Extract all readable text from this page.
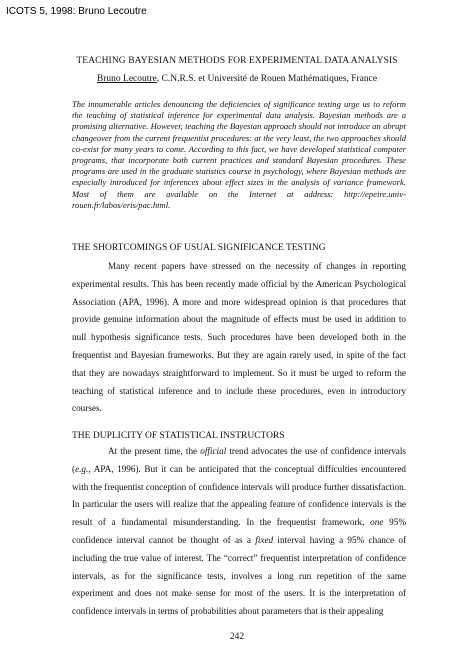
ICOTS 5, 1998: Bruno Lecoutre
TEACHING BAYESIAN METHODS FOR EXPERIMENTAL DATA ANALYSIS
Bruno Lecoutre, C.N.R.S. et Université de Rouen Mathématiques, France
The innumerable articles denouncing the deficiencies of significance testing urge us to reform the teaching of statistical inference for experimental data analysis. Bayesian methods are a promising alternative. However, teaching the Bayesian approach should not introduce an abrupt changeover from the current frequentist procedures: at the very least, the two approaches should co-exist for many years to come. According to this fact, we have developed statistical computer programs, that incorporate both current practices and standard Bayesian procedures. These programs are used in the graduate statistics course in psychology, where Bayesian methods are especially introduced for inferences about effect sizes in the analysis of variance framework. Most of them are available on the Internet at address: http://epeire.univ-rouen.fr/labos/eris/pac.html.
THE SHORTCOMINGS OF USUAL SIGNIFICANCE TESTING
Many recent papers have stressed on the necessity of changes in reporting experimental results. This has been recently made official by the American Psychological Association (APA, 1996). A more and more widespread opinion is that procedures that provide genuine information about the magnitude of effects must be used in addition to null hypothesis significance tests. Such procedures have been developed both in the frequentist and Bayesian frameworks. But they are again rarely used, in spite of the fact that they are nowadays straightforward to implement. So it must be urged to reform the teaching of statistical inference and to include these procedures, even in introductory courses.
THE DUPLICITY OF STATISTICAL INSTRUCTORS
At the present time, the official trend advocates the use of confidence intervals (e.g., APA, 1996). But it can be anticipated that the conceptual difficulties encountered with the frequentist conception of confidence intervals will produce further dissatisfaction. In particular the users will realize that the appealing feature of confidence intervals is the result of a fundamental misunderstanding. In the frequentist framework, one 95% confidence interval cannot be thought of as a fixed interval having a 95% chance of including the true value of interest. The “correct” frequentist interpretation of confidence intervals, as for the significance tests, involves a long run repetition of the same experiment and does not make sense for most of the users. It is the interpretation of confidence intervals in terms of probabilities about parameters that is their appealing
242
